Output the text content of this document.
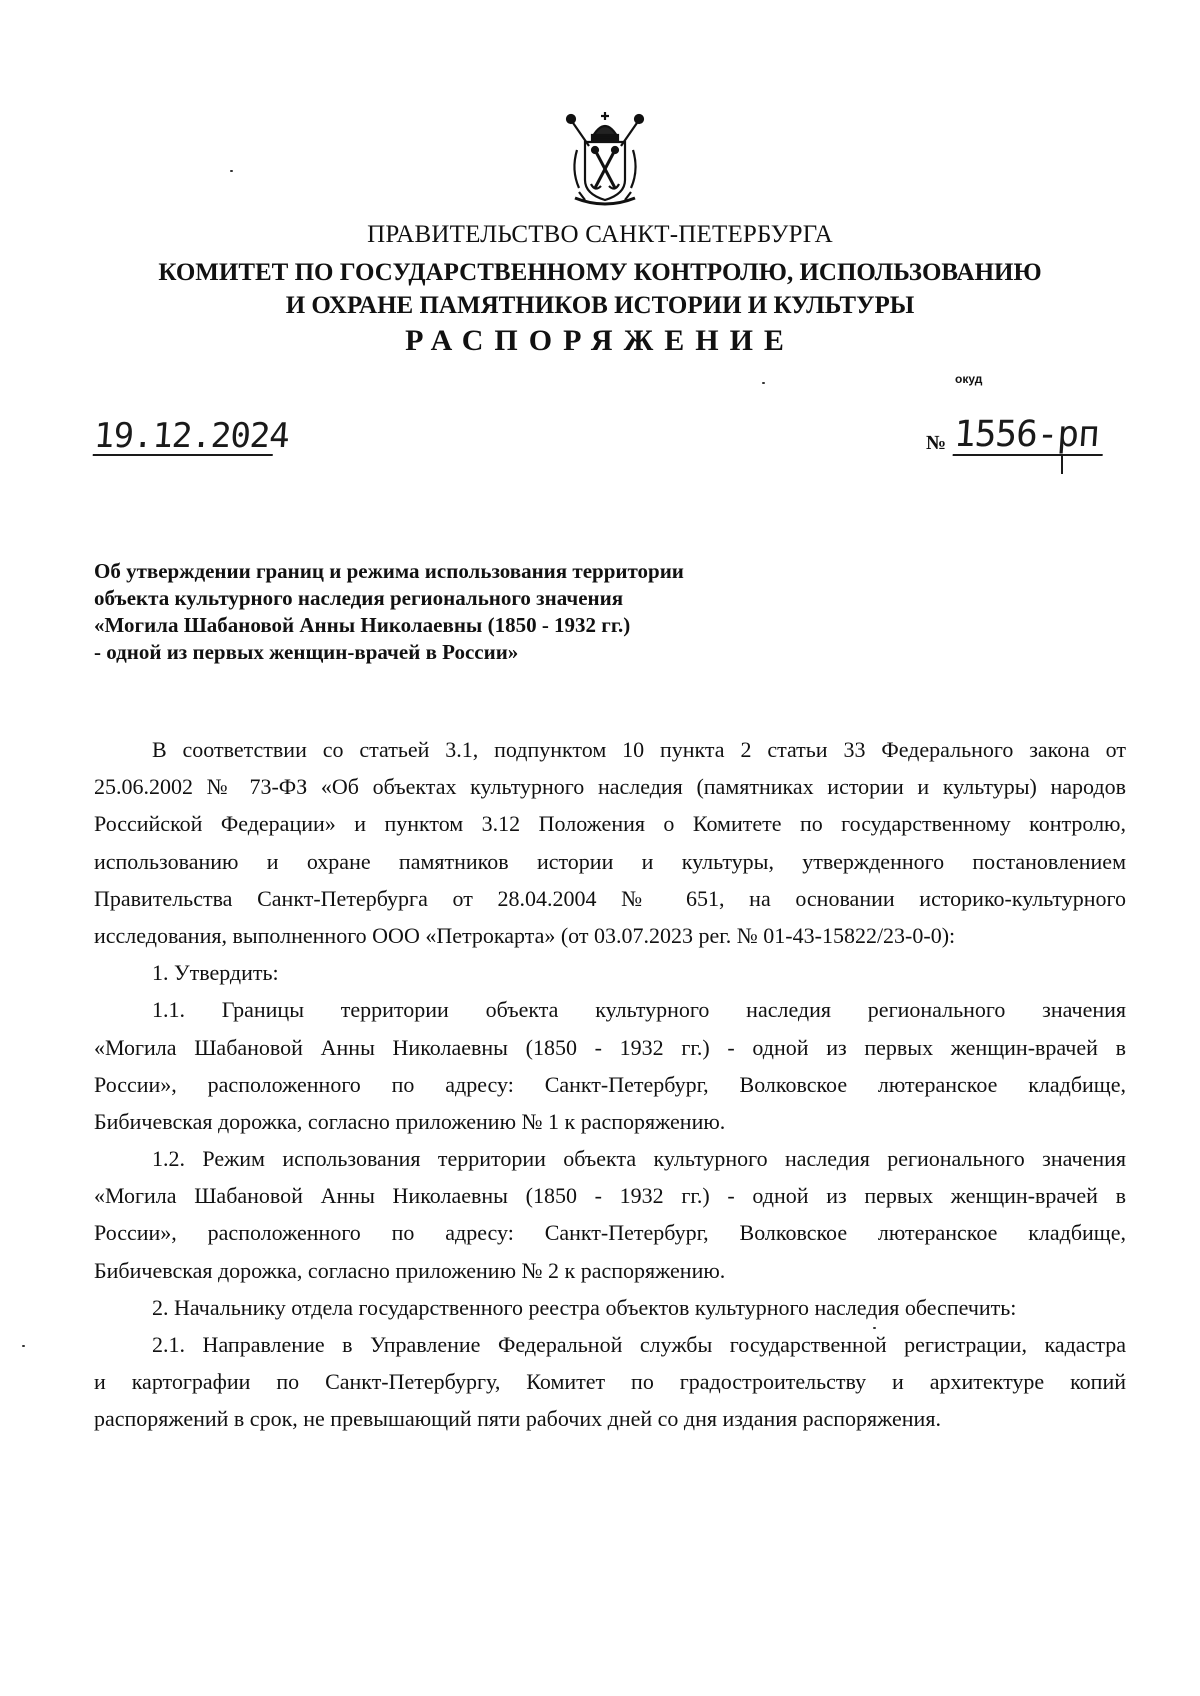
ПРАВИТЕЛЬСТВО САНКТ-ПЕТЕРБУРГА
КОМИТЕТ ПО ГОСУДАРСТВЕННОМУ КОНТРОЛЮ, ИСПОЛЬЗОВАНИЮ
И ОХРАНЕ ПАМЯТНИКОВ ИСТОРИИ И КУЛЬТУРЫ
РАСПОРЯЖЕНИЕ
окуд
19.12.2024	№ 1556-рп
Об утверждении границ и режима использования территории
объекта культурного наследия регионального значения
«Могила Шабановой Анны Николаевны (1850 - 1932 гг.)
- одной из первых женщин-врачей в России»
В соответствии со статьей 3.1, подпунктом 10 пункта 2 статьи 33 Федерального закона от
25.06.2002 № 73-ФЗ «Об объектах культурного наследия (памятниках истории и культуры) народов
Российской Федерации» и пунктом 3.12 Положения о Комитете по государственному контролю,
использованию и охране памятников истории и культуры, утвержденного постановлением
Правительства Санкт-Петербурга от 28.04.2004 № 651, на основании историко-культурного
исследования, выполненного ООО «Петрокарта» (от 03.07.2023 рег. № 01-43-15822/23-0-0):
1. Утвердить:
1.1. Границы территории объекта культурного наследия регионального значения
«Могила Шабановой Анны Николаевны (1850 - 1932 гг.) - одной из первых женщин-врачей в
России», расположенного по адресу: Санкт-Петербург, Волковское лютеранское кладбище,
Бибичевская дорожка, согласно приложению № 1 к распоряжению.
1.2. Режим использования территории объекта культурного наследия регионального значения
«Могила Шабановой Анны Николаевны (1850 - 1932 гг.) - одной из первых женщин-врачей в
России», расположенного по адресу: Санкт-Петербург, Волковское лютеранское кладбище,
Бибичевская дорожка, согласно приложению № 2 к распоряжению.
2. Начальнику отдела государственного реестра объектов культурного наследия обеспечить:
2.1. Направление в Управление Федеральной службы государственной регистрации, кадастра
и картографии по Санкт-Петербургу, Комитет по градостроительству и архитектуре копий
распоряжений в срок, не превышающий пяти рабочих дней со дня издания распоряжения.
